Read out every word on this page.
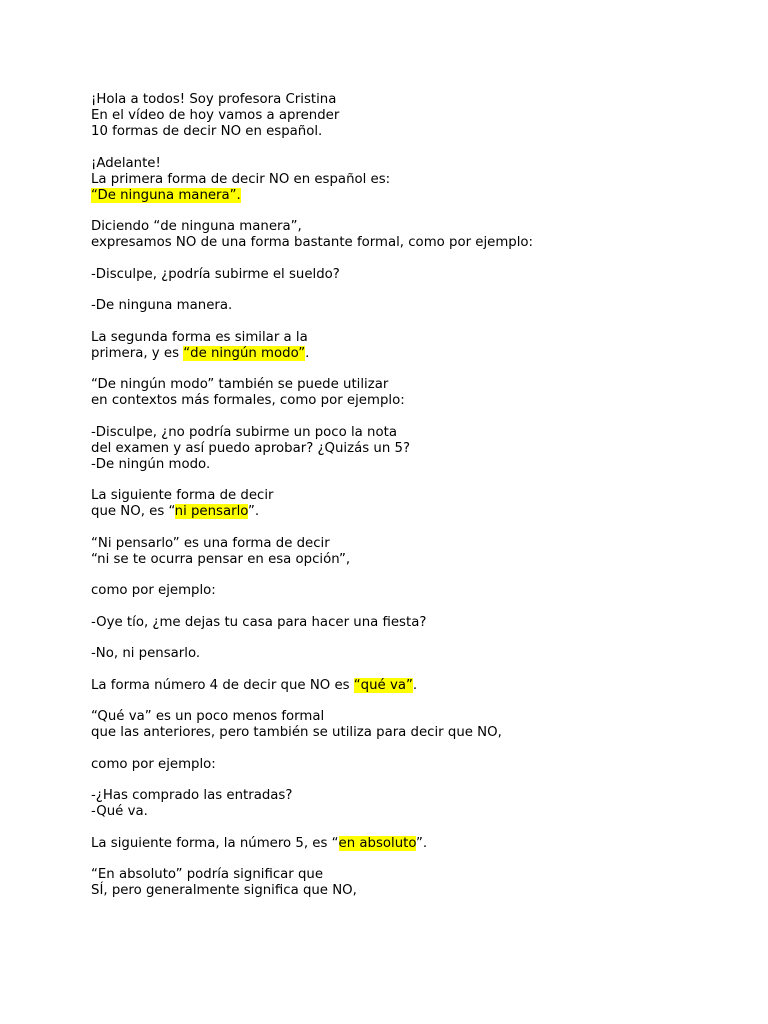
¡Hola a todos! Soy profesora Cristina
En el vídeo de hoy vamos a aprender
10 formas de decir NO en español.
¡Adelante!
La primera forma de decir NO en español es:
“De ninguna manera”.
Diciendo “de ninguna manera”,
expresamos NO de una forma bastante formal, como por ejemplo:
-Disculpe, ¿podría subirme el sueldo?
-De ninguna manera.
La segunda forma es similar a la
primera, y es “de ningún modo”.
“De ningún modo” también se puede utilizar
en contextos más formales, como por ejemplo:
-Disculpe, ¿no podría subirme un poco la nota
del examen y así puedo aprobar? ¿Quizás un 5?
-De ningún modo.
La siguiente forma de decir
que NO, es “ni pensarlo”.
“Ni pensarlo” es una forma de decir
“ni se te ocurra pensar en esa opción”,
como por ejemplo:
-Oye tío, ¿me dejas tu casa para hacer una fiesta?
-No, ni pensarlo.
La forma número 4 de decir que NO es “qué va”.
“Qué va” es un poco menos formal
que las anteriores, pero también se utiliza para decir que NO,
como por ejemplo:
-¿Has comprado las entradas?
-Qué va.
La siguiente forma, la número 5, es “en absoluto”.
“En absoluto” podría significar que
SÍ, pero generalmente significa que NO,
